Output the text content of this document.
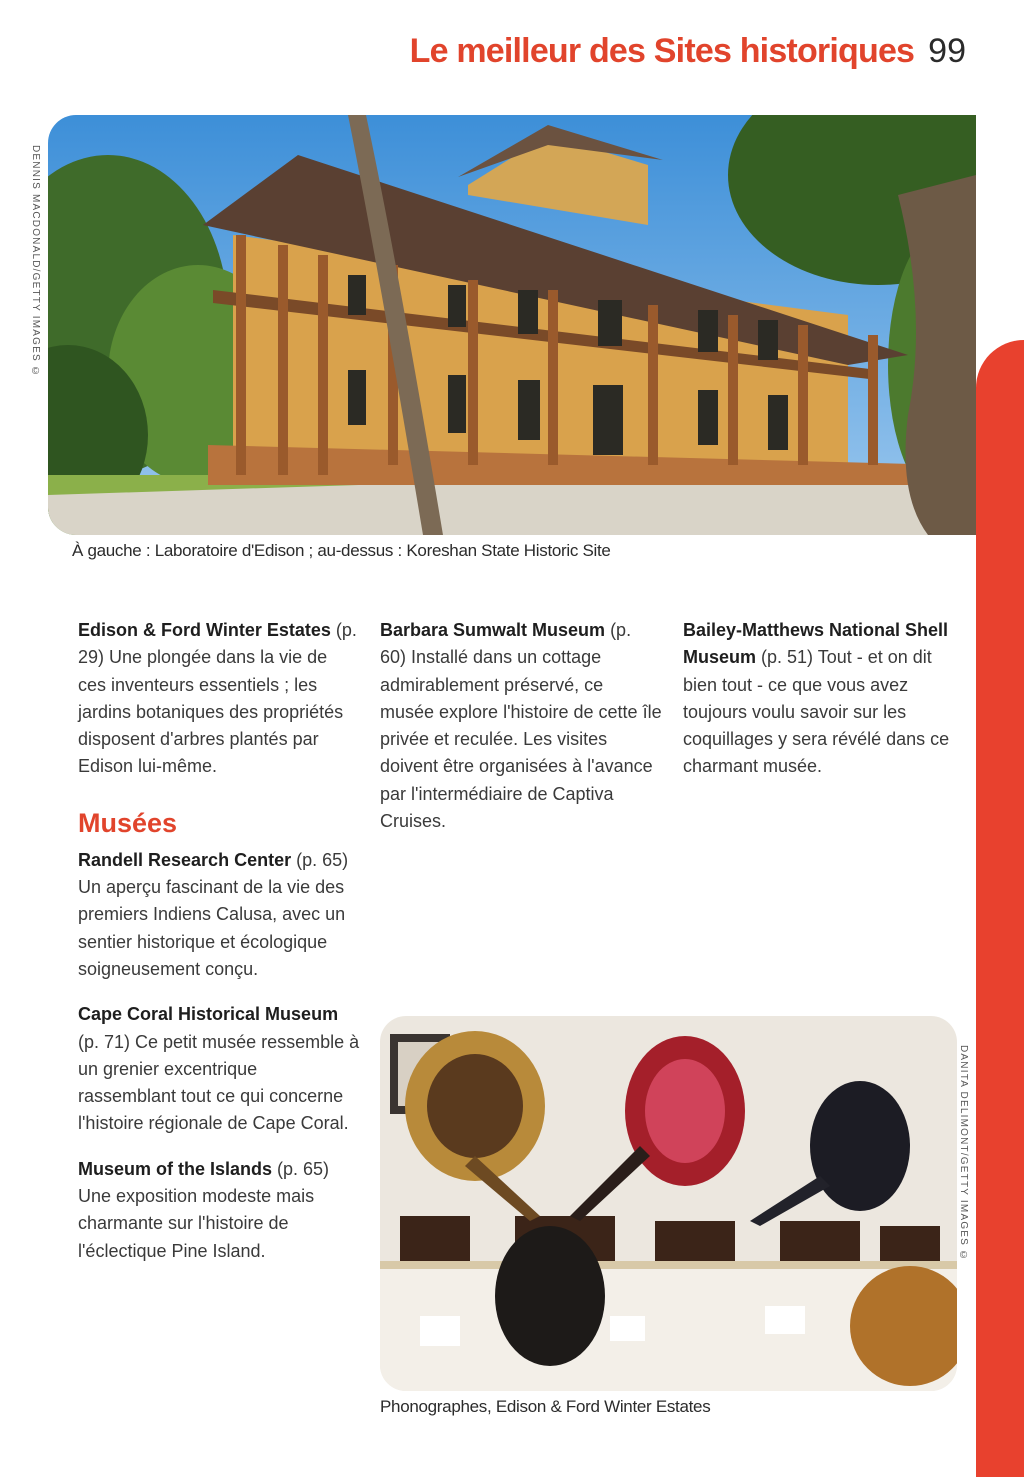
Le meilleur des Sites historiques 99
DENNIS MACDONALD/GETTY IMAGES ©
À gauche : Laboratoire d'Edison ; au-dessus : Koreshan State Historic Site

Edison & Ford Winter Estates (p. 29) Une plongée dans la vie de ces inventeurs essentiels ; les jardins botaniques des propriétés disposent d'arbres plantés par Edison lui-même.

Musées

Randell Research Center (p. 65) Un aperçu fascinant de la vie des premiers Indiens Calusa, avec un sentier historique et écologique soigneusement conçu.

Cape Coral Historical Museum (p. 71) Ce petit musée ressemble à un grenier excentrique rassemblant tout ce qui concerne l'histoire régionale de Cape Coral.

Museum of the Islands (p. 65) Une exposition modeste mais charmante sur l'histoire de l'éclectique Pine Island.

Barbara Sumwalt Museum (p. 60) Installé dans un cottage admirablement préservé, ce musée explore l'histoire de cette île privée et reculée. Les visites doivent être organisées à l'avance par l'intermédiaire de Captiva Cruises.

Bailey-Matthews National Shell Museum (p. 51) Tout - et on dit bien tout - ce que vous avez toujours voulu savoir sur les coquillages y sera révélé dans ce charmant musée.

DANITA DELIMONT/GETTY IMAGES ©
Phonographes, Edison & Ford Winter Estates
